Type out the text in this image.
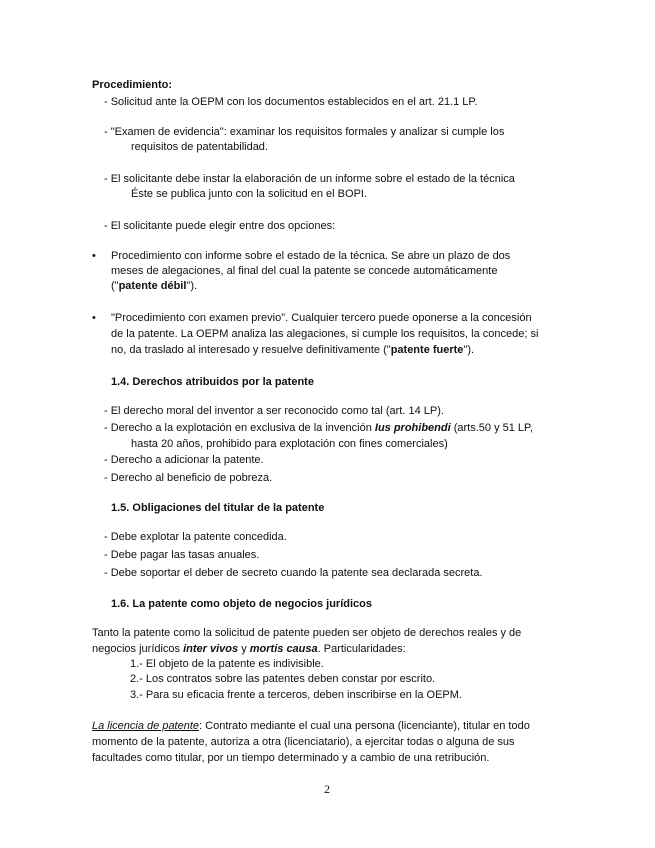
Procedimiento:
- Solicitud ante la OEPM con los documentos establecidos en el art. 21.1 LP.
- "Examen de evidencia": examinar los requisitos formales y analizar si cumple los
requisitos de patentabilidad.
- El solicitante debe instar la elaboración de un informe sobre el estado de la técnica
Éste se publica junto con la solicitud en el BOPI.
- El solicitante puede elegir entre dos opciones:
• Procedimiento con informe sobre el estado de la técnica. Se abre un plazo de dos
meses de alegaciones, al final del cual la patente se concede automáticamente
("patente débil").
• "Procedimiento con examen previo". Cualquier tercero puede oponerse a la concesión
de la patente. La OEPM analiza las alegaciones, si cumple los requisitos, la concede; si
no, da traslado al interesado y resuelve definitivamente ("patente fuerte").
1.4. Derechos atribuidos por la patente
- El derecho moral del inventor a ser reconocido como tal (art. 14 LP).
- Derecho a la explotación en exclusiva de la invención Ius prohibendi (arts.50 y 51 LP,
hasta 20 años, prohibido para explotación con fines comerciales)
- Derecho a adicionar la patente.
- Derecho al beneficio de pobreza.
1.5. Obligaciones del titular de la patente
- Debe explotar la patente concedida.
- Debe pagar las tasas anuales.
- Debe soportar el deber de secreto cuando la patente sea declarada secreta.
1.6. La patente como objeto de negocios jurídicos
Tanto la patente como la solicitud de patente pueden ser objeto de derechos reales y de
negocios jurídicos inter vivos y mortis causa. Particularidades:
1.- El objeto de la patente es indivisible.
2.- Los contratos sobre las patentes deben constar por escrito.
3.- Para su eficacia frente a terceros, deben inscribirse en la OEPM.
La licencia de patente: Contrato mediante el cual una persona (licenciante), titular en todo
momento de la patente, autoriza a otra (licenciatario), a ejercitar todas o alguna de sus
facultades como titular, por un tiempo determinado y a cambio de una retribución.
2
